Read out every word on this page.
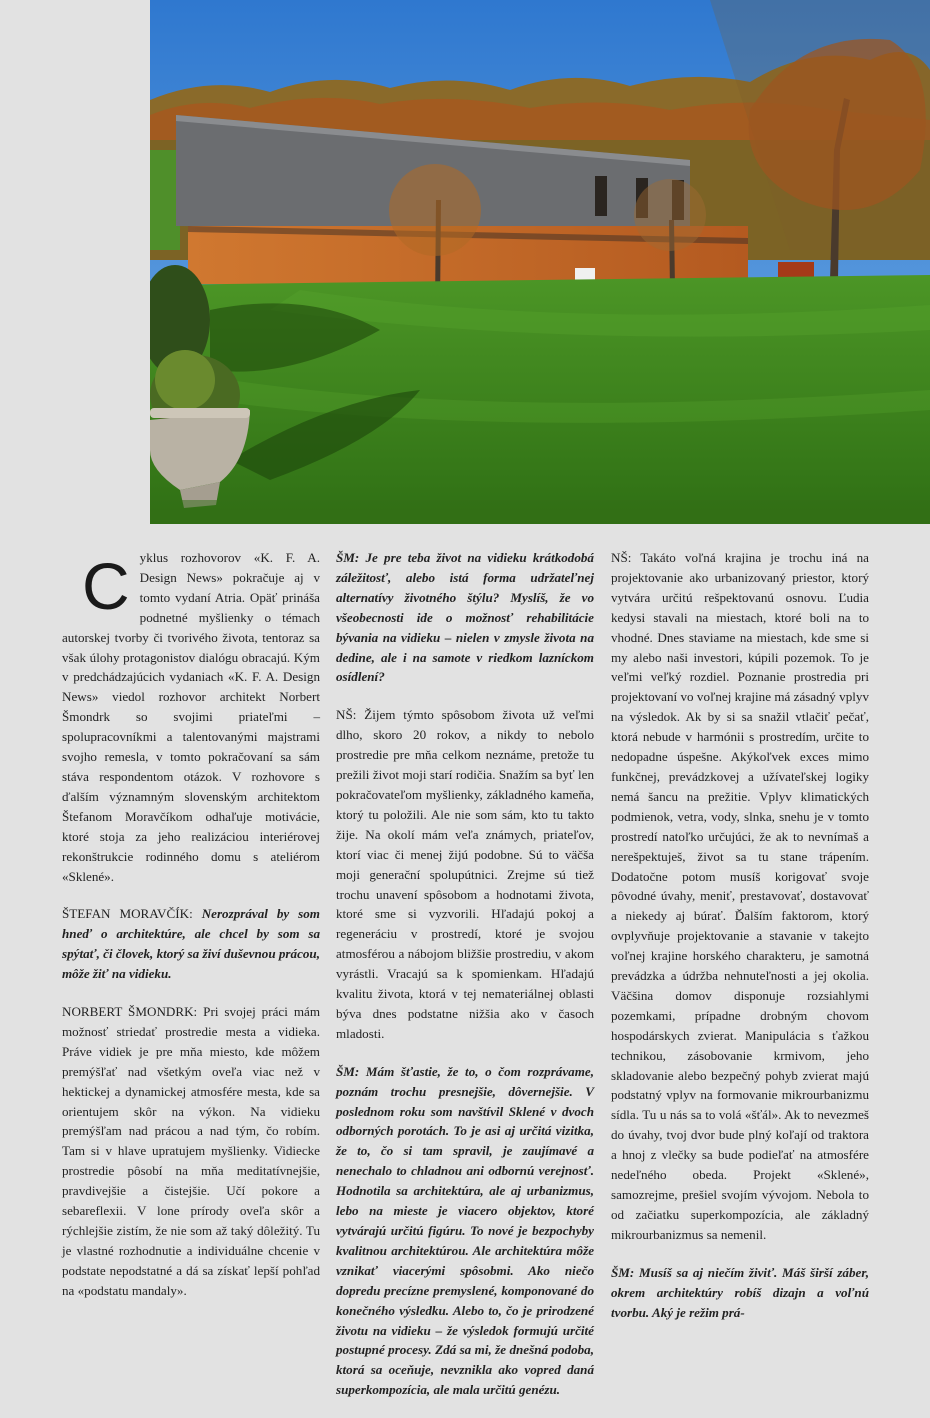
Cyklus rozhovorov «K. F. A. Design News» pokračuje aj v tomto vydaní Atria. Opäť prináša podnetné myšlienky o témach autorskej tvorby či tvorivého života, tentoraz sa však úlohy protagonistov dialógu obracajú. Kým v predchádzajúcich vydaniach «K. F. A. Design News» viedol rozhovor architekt Norbert Šmondrk so svojimi priateľmi – spolupracovníkmi a talentovanými majstrami svojho remesla, v tomto pokračovaní sa sám stáva respondentom otázok. V rozhovore s ďalším významným slovenským architektom Štefanom Moravčíkom odhaľuje motivácie, ktoré stoja za jeho realizáciou interiérovej rekonštrukcie rodinného domu s ateliérom «Sklené».

ŠTEFAN MORAVČÍK: Nerozprával by som hneď o architektúre, ale chcel by som sa spýtať, či človek, ktorý sa živí duševnou prácou, môže žiť na vidieku.

NORBERT ŠMONDRK: Pri svojej práci mám možnosť striedať prostredie mesta a vidieka. Práve vidiek je pre mňa miesto, kde môžem premýšľať nad všetkým oveľa viac než v hektickej a dynamickej atmosfére mesta, kde sa orientujem skôr na výkon. Na vidieku premýšľam nad prácou a nad tým, čo robím. Tam si v hlave upratujem myšlienky. Vidiecke prostredie pôsobí na mňa meditatívnejšie, pravdivejšie a čistejšie. Učí pokore a sebareflexii. V lone prírody oveľa skôr a rýchlejšie zistím, že nie som až taký dôležitý. Tu je vlastné rozhodnutie a individuálne chcenie v podstate nepodstatné a dá sa získať lepší pohľad na «podstatu mandaly».

ŠM: Je pre teba život na vidieku krátkodobá záležitosť, alebo istá forma udržateľnej alternatívy životného štýlu? Myslíš, že vo všeobecnosti ide o možnosť rehabilitácie bývania na vidieku – nielen v zmysle života na dedine, ale i na samote v riedkom lazníckom osídlení?

NŠ: Žijem týmto spôsobom života už veľmi dlho, skoro 20 rokov, a nikdy to nebolo prostredie pre mňa celkom neznáme, pretože tu prežili život moji starí rodičia. Snažím sa byť len pokračovateľom myšlienky, základného kameňa, ktorý tu položili. Ale nie som sám, kto tu takto žije. Na okolí mám veľa známych, priateľov, ktorí viac či menej žijú podobne. Sú to väčša moji generační spolupútnici. Zrejme sú tiež trochu unavení spôsobom a hodnotami života, ktoré sme si vyzvorili. Hľadajú pokoj a regeneráciu v prostredí, ktoré je svojou atmosférou a nábojom bližšie prostrediu, v akom vyrástli. Vracajú sa k spomienkam. Hľadajú kvalitu života, ktorá v tej nemateriálnej oblasti býva dnes podstatne nižšia ako v časoch mladosti.

ŠM: Mám šťastie, že to, o čom rozprávame, poznám trochu presnejšie, dôvernejšie. V poslednom roku som navštívil Sklené v dvoch odborných porotách. To je asi aj určitá vizitka, že to, čo si tam spravil, je zaujímavé a nenechalo to chladnou ani odbornú verejnosť. Hodnotila sa architektúra, ale aj urbanizmus, lebo na mieste je viacero objektov, ktoré vytvárajú určitú figúru. To nové je bezpochyby kvalitnou architektúrou. Ale architektúra môže vznikať viacerými spôsobmi. Ako niečo dopredu precízne premyslené, komponované do konečného výsledku. Alebo to, čo je prirodzené životu na vidieku – že výsledok formujú určité postupné procesy. Zdá sa mi, že dnešná podoba, ktorá sa oceňuje, nevznikla ako vopred daná superkompozícia, ale mala určitú genézu.

NŠ: Takáto voľná krajina je trochu iná na projektovanie ako urbanizovaný priestor, ktorý vytvára určitú rešpektovanú osnovu. Ľudia kedysi stavali na miestach, ktoré boli na to vhodné. Dnes staviame na miestach, kde sme si my alebo naši investori, kúpili pozemok. To je veľmi veľký rozdiel. Poznanie prostredia pri projektovaní vo voľnej krajine má zásadný vplyv na výsledok. Ak by si sa snažil vtlačiť pečať, ktorá nebude v harmónii s prostredím, určite to nedopadne úspešne. Akýkoľvek exces mimo funkčnej, prevádzkovej a užívateľskej logiky nemá šancu na prežitie. Vplyv klimatických podmienok, vetra, vody, slnka, snehu je v tomto prostredí natoľko určujúci, že ak to nevnímaš a nerešpektuješ, život sa tu stane trápením. Dodatočne potom musíš korigovať svoje pôvodné úvahy, meniť, prestavovať, dostavovať a niekedy aj búrať. Ďalším faktorom, ktorý ovplyvňuje projektovanie a stavanie v takejto voľnej krajine horského charakteru, je samotná prevádzka a údržba nehnuteľnosti a jej okolia. Väčšina domov disponuje rozsiahlymi pozemkami, prípadne drobným chovom hospodárskych zvierat. Manipulácia s ťažkou technikou, zásobovanie krmivom, jeho skladovanie alebo bezpečný pohyb zvierat majú podstatný vplyv na formovanie mikrourbanizmu sídla. Tu u nás sa to volá «šťál». Ak to nevezmeš do úvahy, tvoj dvor bude plný koľají od traktora a hnoj z vlečky sa bude podieľať na atmosfére nedeľného obeda. Projekt «Sklené», samozrejme, prešiel svojím vývojom. Nebola to od začiatku superkompozícia, ale základný mikrourbanizmus sa nemenil.

ŠM: Musíš sa aj niečím živiť. Máš širší záber, okrem architektúry robíš dizajn a voľnú tvorbu. Aký je režim prá-
